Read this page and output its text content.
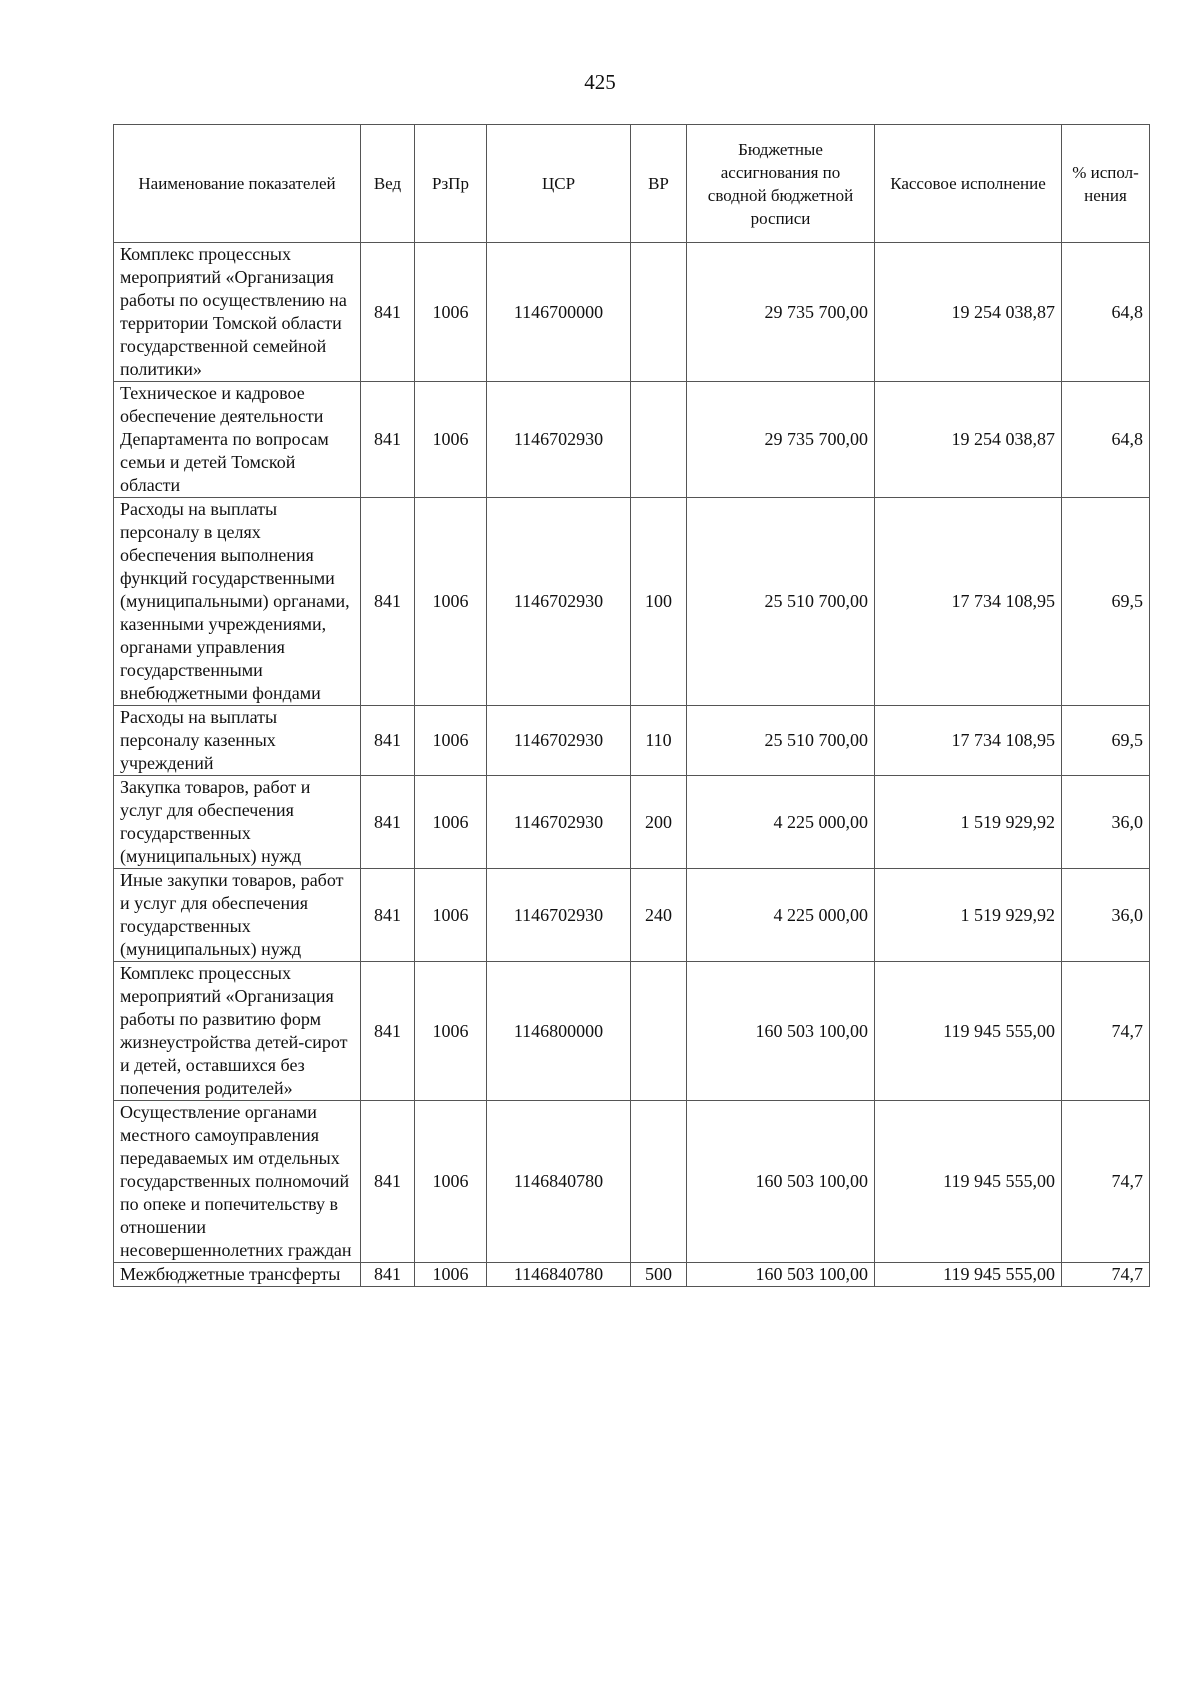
425
Наименование показателей	Вед	РзПр	ЦСР	ВР	Бюджетные ассигнования по сводной бюджетной росписи	Кассовое исполнение	% испол-нения
Комплекс процессных мероприятий «Организация работы по осуществлению на территории Томской области государственной семейной политики»	841	1006	1146700000		29 735 700,00	19 254 038,87	64,8
Техническое и кадровое обеспечение деятельности Департамента по вопросам семьи и детей Томской области	841	1006	1146702930		29 735 700,00	19 254 038,87	64,8
Расходы на выплаты персоналу в целях обеспечения выполнения функций государственными (муниципальными) органами, казенными учреждениями, органами управления государственными внебюджетными фондами	841	1006	1146702930	100	25 510 700,00	17 734 108,95	69,5
Расходы на выплаты персоналу казенных учреждений	841	1006	1146702930	110	25 510 700,00	17 734 108,95	69,5
Закупка товаров, работ и услуг для обеспечения государственных (муниципальных) нужд	841	1006	1146702930	200	4 225 000,00	1 519 929,92	36,0
Иные закупки товаров, работ и услуг для обеспечения государственных (муниципальных) нужд	841	1006	1146702930	240	4 225 000,00	1 519 929,92	36,0
Комплекс процессных мероприятий «Организация работы по развитию форм жизнеустройства детей-сирот и детей, оставшихся без попечения родителей»	841	1006	1146800000		160 503 100,00	119 945 555,00	74,7
Осуществление органами местного самоуправления передаваемых им отдельных государственных полномочий по опеке и попечительству в отношении несовершеннолетних граждан	841	1006	1146840780		160 503 100,00	119 945 555,00	74,7
Межбюджетные трансферты	841	1006	1146840780	500	160 503 100,00	119 945 555,00	74,7
